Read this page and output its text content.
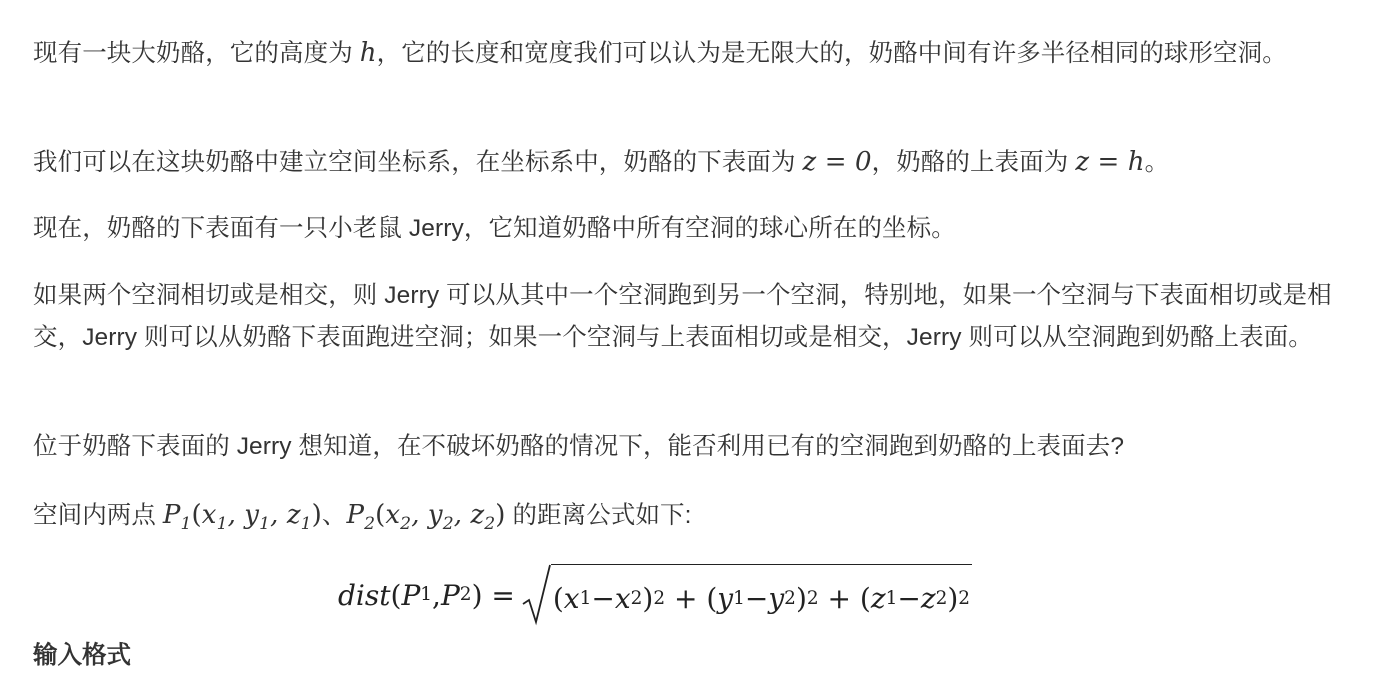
现有一块大奶酪，它的高度为 h，它的长度和宽度我们可以认为是无限大的，奶酪中间有许多半径相同的球形空洞。

我们可以在这块奶酪中建立空间坐标系，在坐标系中，奶酪的下表面为 z = 0，奶酪的上表面为 z = h。

现在，奶酪的下表面有一只小老鼠 Jerry，它知道奶酪中所有空洞的球心所在的坐标。

如果两个空洞相切或是相交，则 Jerry 可以从其中一个空洞跑到另一个空洞，特别地，如果一个空洞与下表面相切或是相交，Jerry 则可以从奶酪下表面跑进空洞；如果一个空洞与上表面相切或是相交，Jerry 则可以从空洞跑到奶酪上表面。

位于奶酪下表面的 Jerry 想知道，在不破坏奶酪的情况下，能否利用已有的空洞跑到奶酪的上表面去?

空间内两点 $P_1(x_1$, $y_1$, $z_1$)、$P_2(x_2$, $y_2$, $z_2$) 的距离公式如下:

dist ( P 1 , P 2 ) = ( x 1 − x 2 ) 2 + ( y 1 − y 2 ) 2 + ( z 1 − z 2 ) 2
输入格式
